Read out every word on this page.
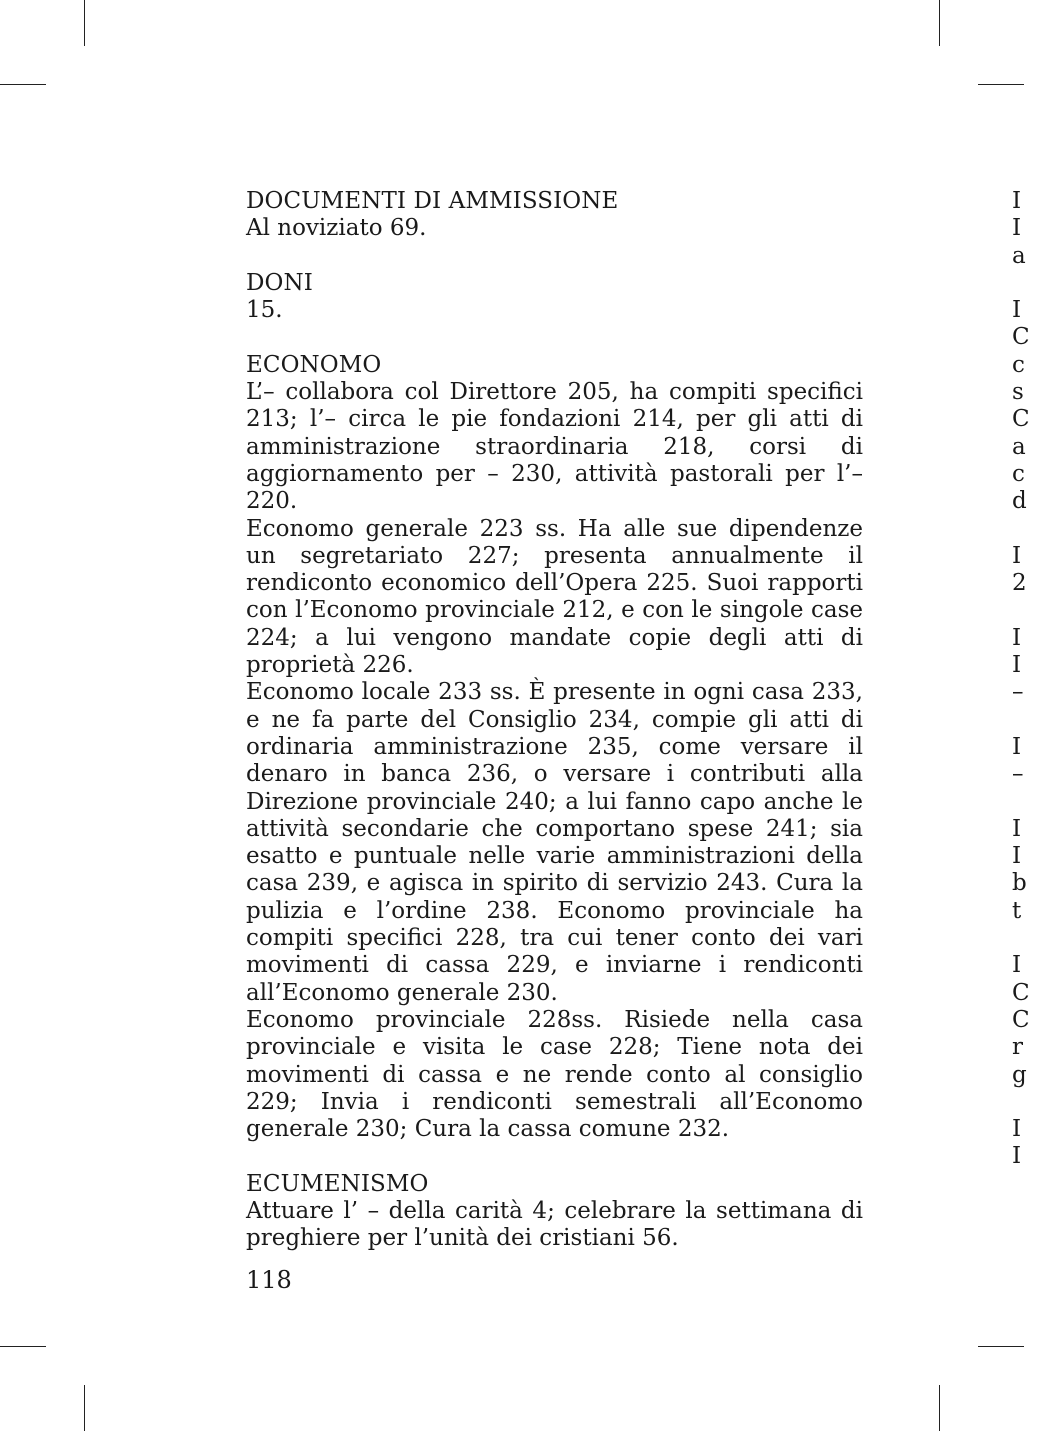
DOCUMENTI DI AMMISSIONE
Al noviziato 69.
DONI
15.
ECONOMO
L’– collabora col Direttore 205, ha compiti specifici 213; l’– circa le pie fondazioni 214, per gli atti di amministrazione straordinaria 218, corsi di aggiornamento per – 230, attività pastorali per l’– 220.
Economo generale 223 ss. Ha alle sue dipendenze un segretariato 227; presenta annualmente il rendiconto economico dell’Opera 225. Suoi rapporti con l’Economo provinciale 212, e con le singole case 224; a lui vengono mandate copie degli atti di proprietà 226.
Economo locale 233 ss. È presente in ogni casa 233, e ne fa parte del Consiglio 234, compie gli atti di ordinaria amministrazione 235, come versare il denaro in banca 236, o versare i contributi alla Direzione provinciale 240; a lui fanno capo anche le attività secondarie che comportano spese 241; sia esatto e puntuale nelle varie amministrazioni della casa 239, e agisca in spirito di servizio 243. Cura la pulizia e l’ordine 238. Economo provinciale ha compiti specifici 228, tra cui tener conto dei vari movimenti di cassa 229, e inviarne i rendiconti all’Economo generale 230.
Economo provinciale 228ss. Risiede nella casa provinciale e visita le case 228; Tiene nota dei movimenti di cassa e ne rende conto al consiglio 229; Invia i rendiconti semestrali all’Economo generale 230; Cura la cassa comune 232.
ECUMENISMO
Attuare l’ – della carità 4; celebrare la settimana di preghiere per l’unità dei cristiani 56.
118
I
I
a
I
C
c
s
C
a
c
d
I
2
I
I
–
I
–
I
I
b
t
I
C
C
r
g
I
I
